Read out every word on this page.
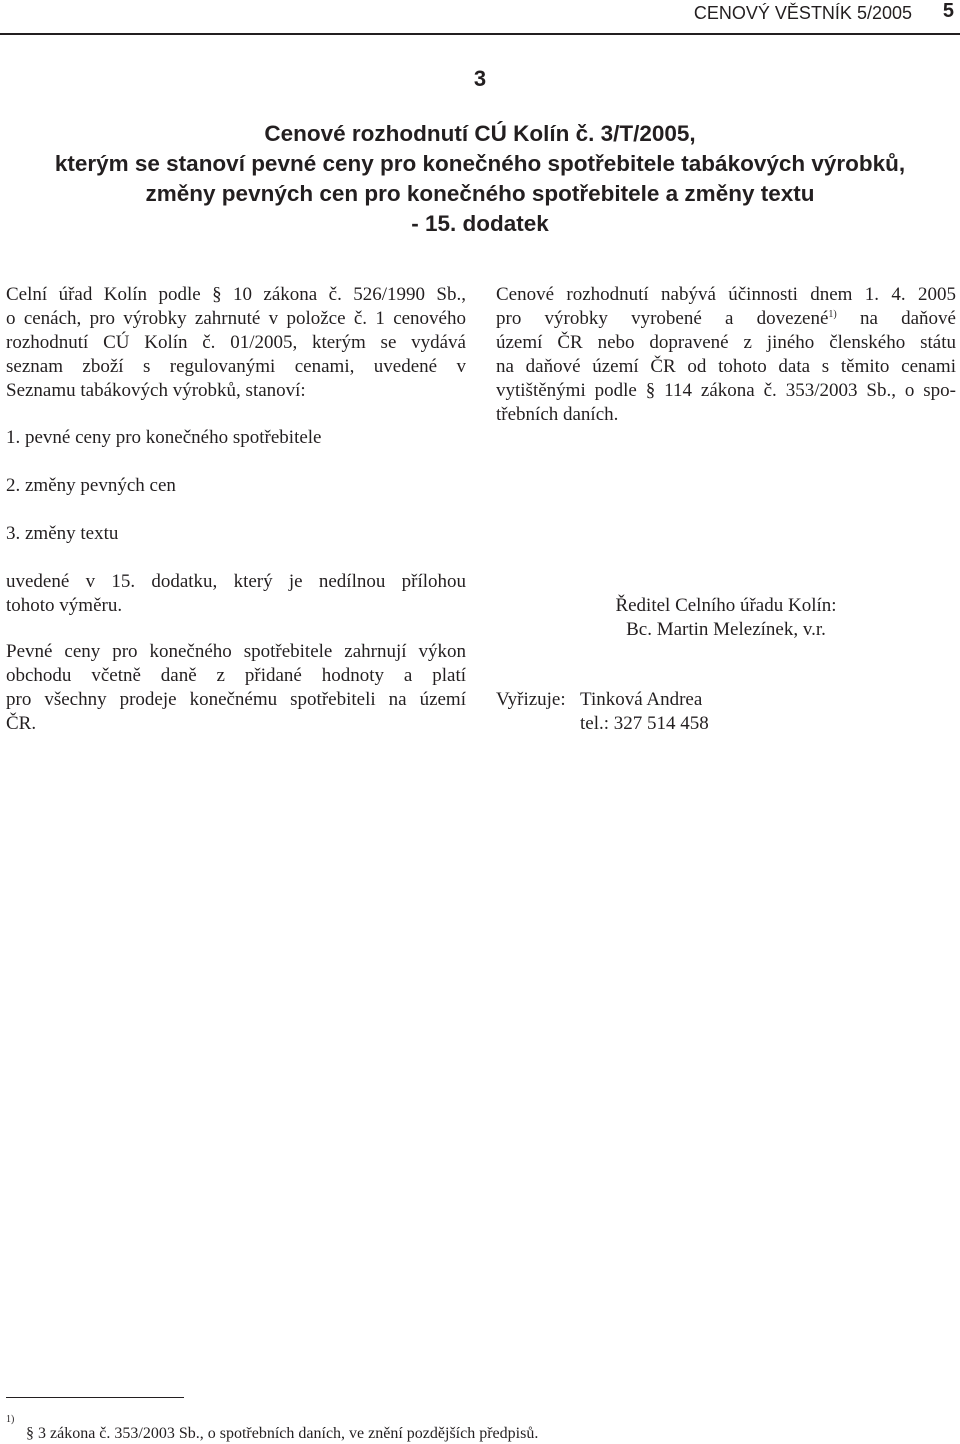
CENOVÝ VĚSTNÍK 5/2005 5
3
Cenové rozhodnutí CÚ Kolín č. 3/T/2005,
kterým se stanoví pevné ceny pro konečného spotřebitele tabákových výrobků,
změny pevných cen pro konečného spotřebitele a změny textu
- 15. dodatek
Celní úřad Kolín podle § 10 zákona č. 526/1990 Sb.,
o cenách, pro výrobky zahrnuté v položce č. 1 cenového
rozhodnutí CÚ Kolín č. 01/2005, kterým se vydává
seznam zboží s regulovanými cenami, uvedené v
Seznamu tabákových výrobků, stanoví:
1. pevné ceny pro konečného spotřebitele
2. změny pevných cen
3. změny textu
uvedené v 15. dodatku, který je nedílnou přílohou
tohoto výměru.
Pevné ceny pro konečného spotřebitele zahrnují výkon
obchodu včetně daně z přidané hodnoty a platí
pro všechny prodeje konečnému spotřebiteli na území
ČR.
Cenové rozhodnutí nabývá účinnosti dnem 1. 4. 2005
pro výrobky vyrobené a dovezené$^{1)}$ na daňové
území ČR nebo dopravené z jiného členského státu
na daňové území ČR od tohoto data s těmito cenami
vytištěnými podle § 114 zákona č. 353/2003 Sb., o spo-
třebních daních.
Ředitel Celního úřadu Kolín:
Bc. Martin Melezínek, v.r.
Vyřizuje: Tinková Andrea
tel.: 327 514 458
1)
§ 3 zákona č. 353/2003 Sb., o spotřebních daních, ve znění pozdějších předpisů.
